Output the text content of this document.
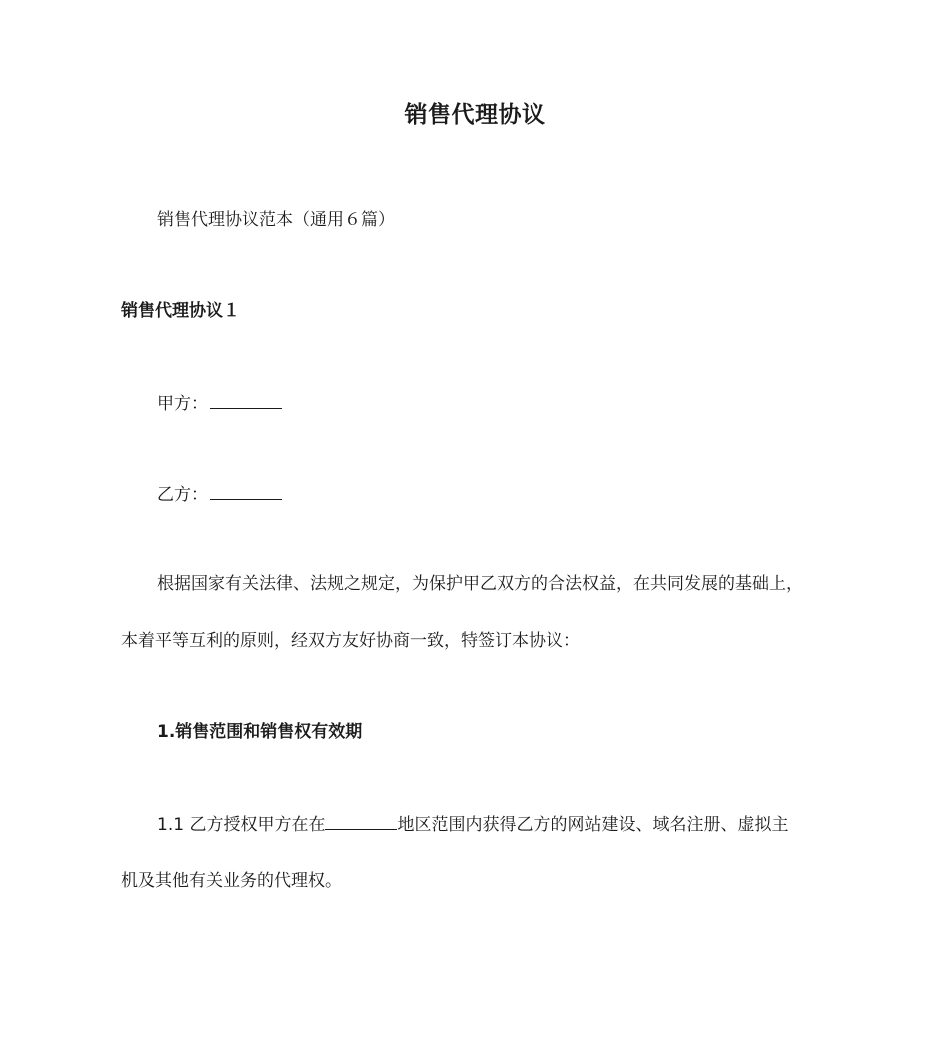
销售代理协议
销售代理协议范本（通用６篇）
销售代理协议１
甲方：
乙方：
根据国家有关法律、法规之规定，为保护甲乙双方的合法权益，在共同发展的基础上，
本着平等互利的原则，经双方友好协商一致，特签订本协议：
1.销售范围和销售权有效期
1.1 乙方授权甲方在在	地区范围内获得乙方的网站建设、域名注册、虚拟主
机及其他有关业务的代理权。
